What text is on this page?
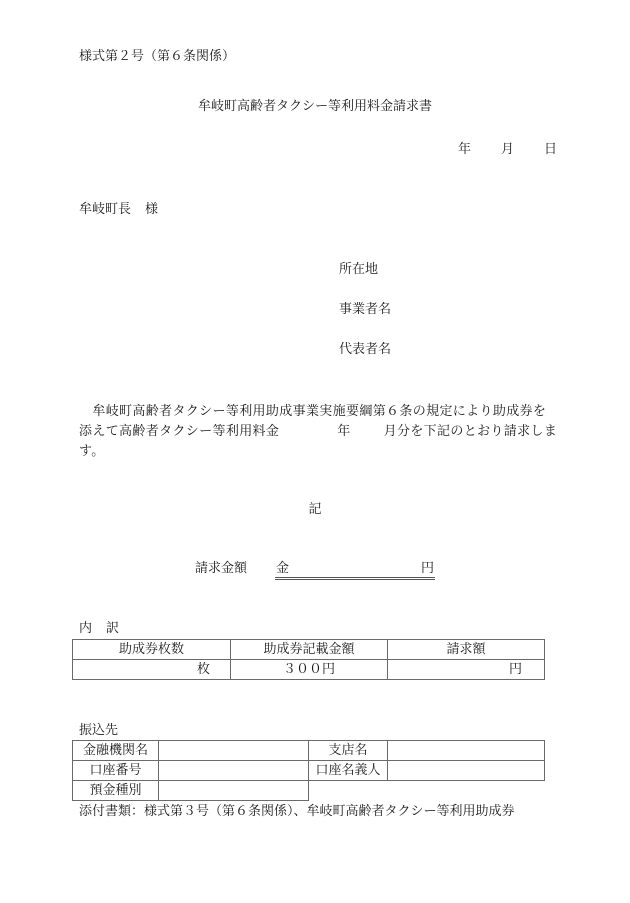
様式第２号（第６条関係）
牟岐町高齢者タクシー等利用料金請求書
年 月 日
牟岐町長 様
所在地
事業者名
代表者名
　牟岐町高齢者タクシー等利用助成事業実施要綱第６条の規定により助成券を
添えて高齢者タクシー等利用料金	年	月分を下記のとおり請求しま
す。
記
請求金額 金	円
内 訳
助成券枚数	助成券記載金額	請求額
枚	３００円	円
振込先
金融機関名		支店名	
口座番号		口座名義人	
預金種別			
添付書類：様式第３号（第６条関係）、牟岐町高齢者タクシー等利用助成券
